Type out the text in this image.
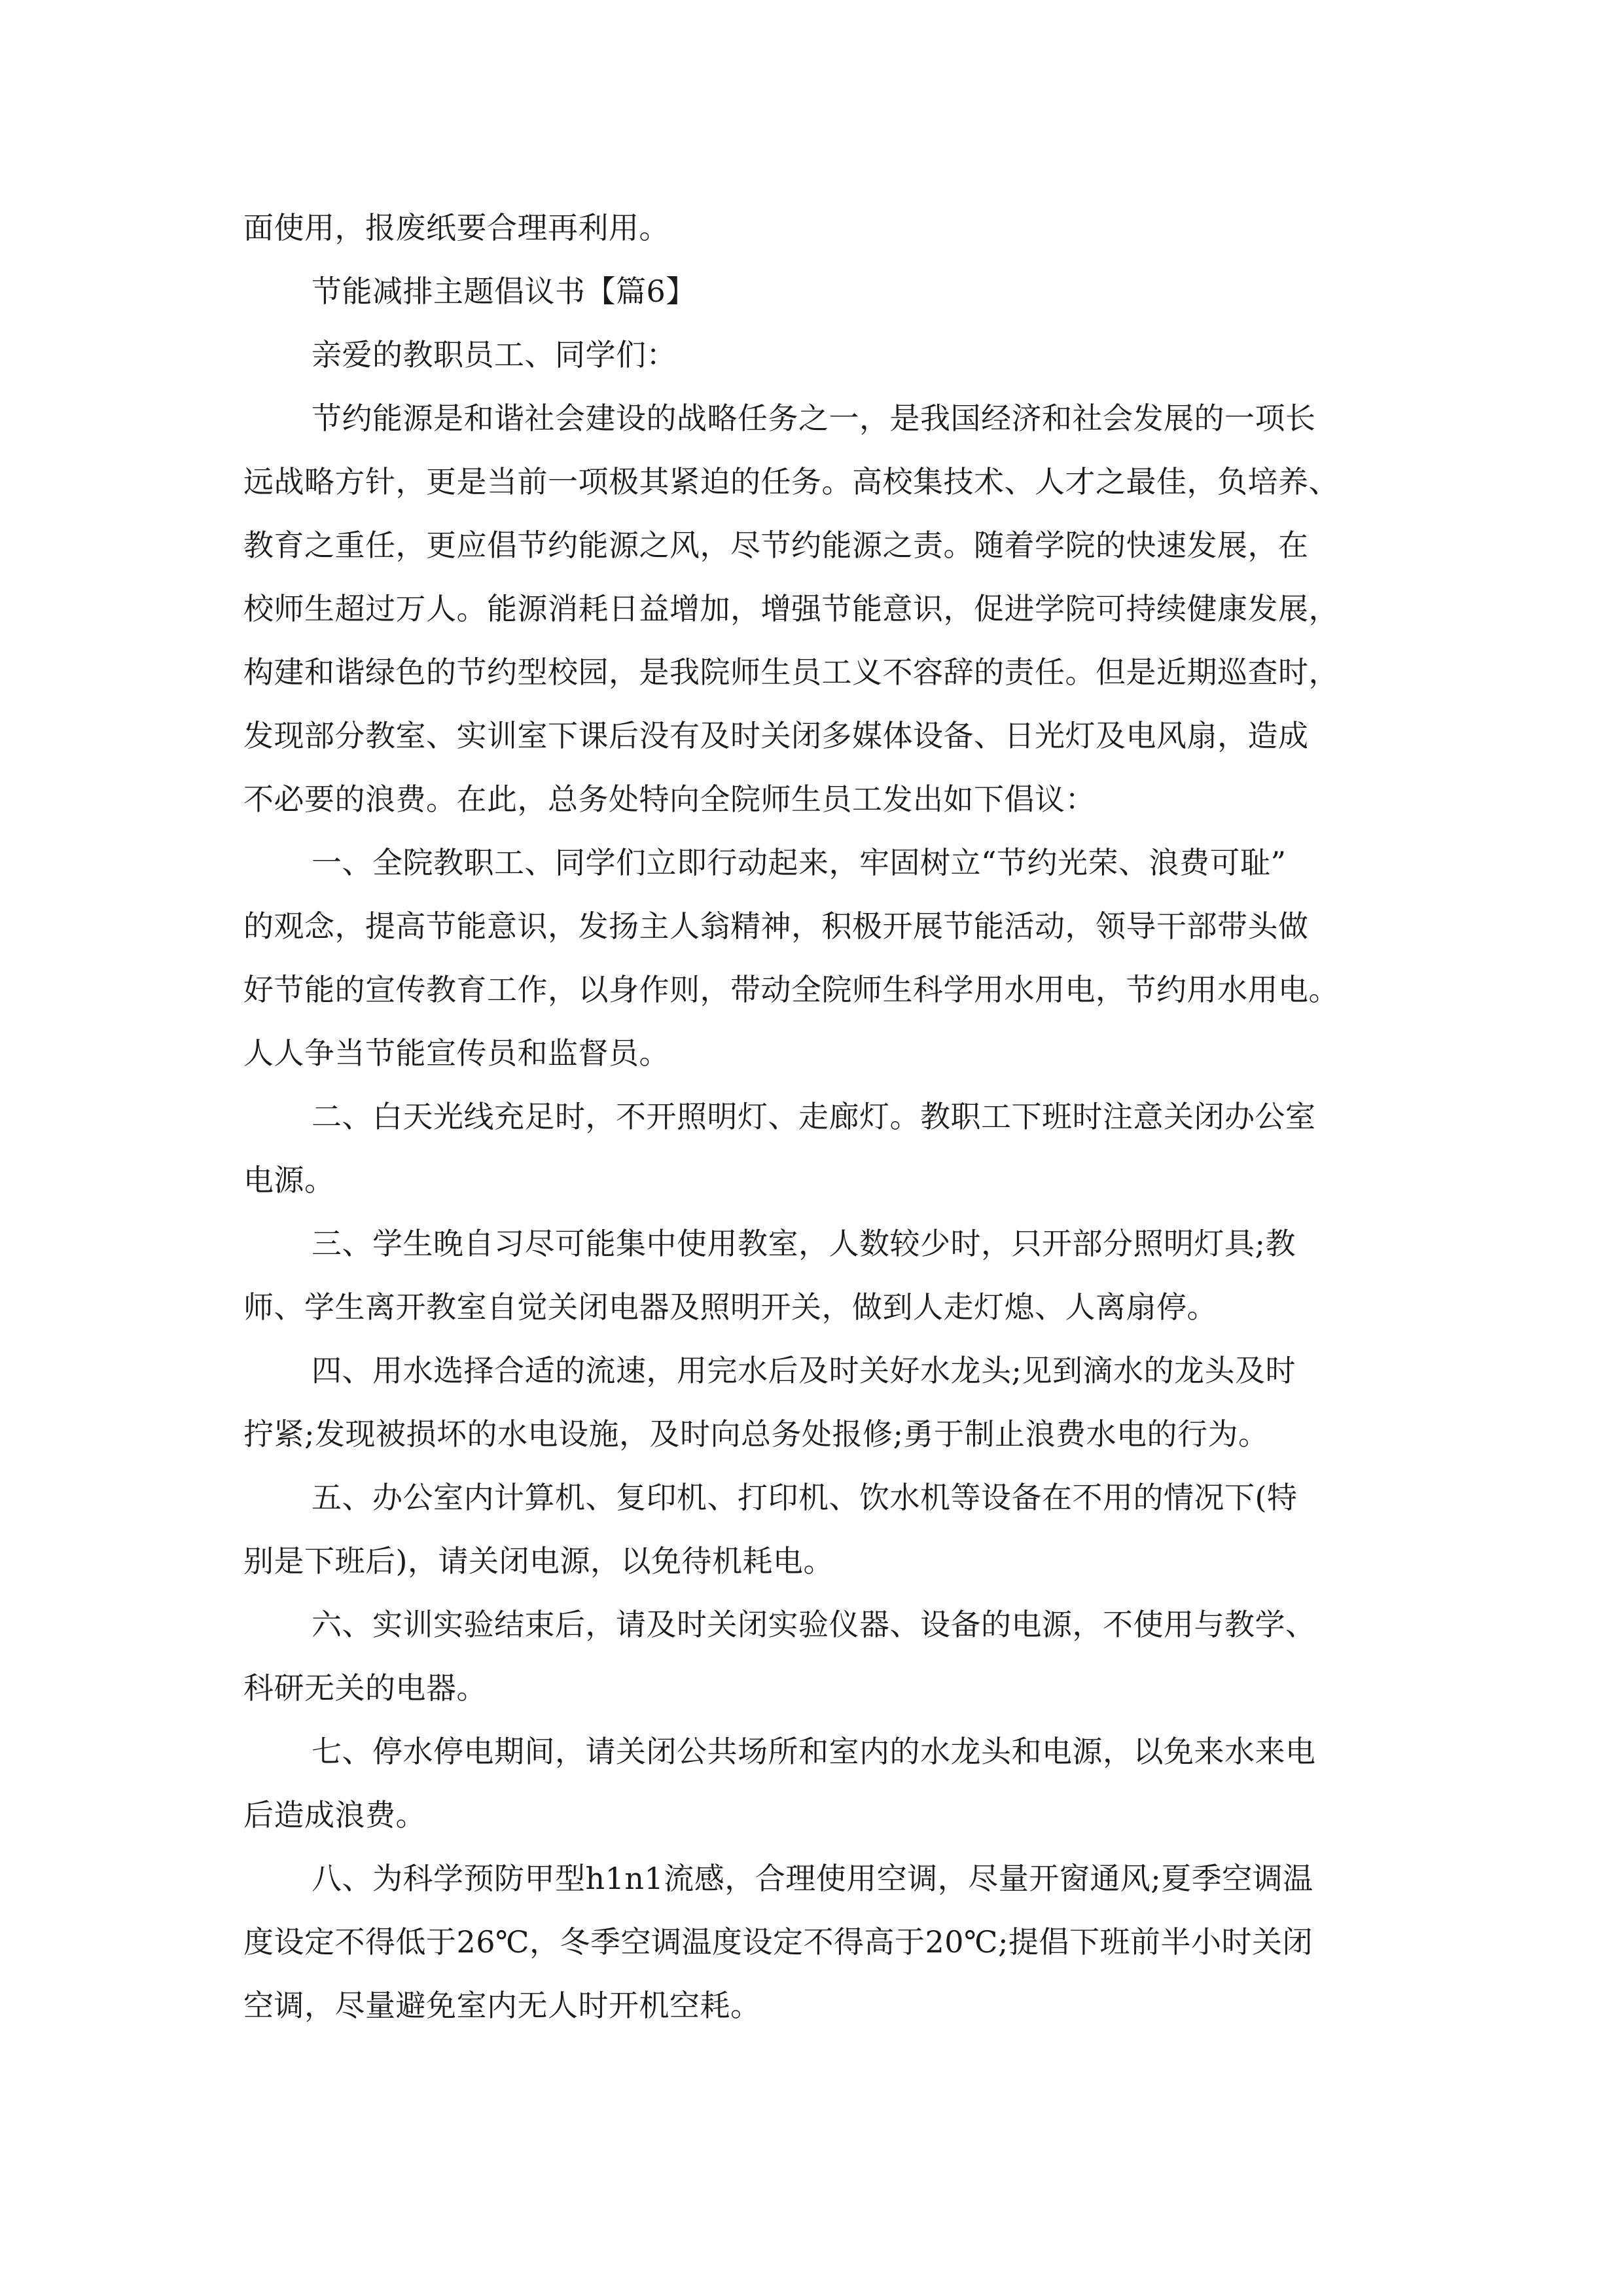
面使用，报废纸要合理再利用。
节能减排主题倡议书【篇6】
亲爱的教职员工、同学们：
节约能源是和谐社会建设的战略任务之一，是我国经济和社会发展的一项长
远战略方针，更是当前一项极其紧迫的任务。高校集技术、人才之最佳，负培养、
教育之重任，更应倡节约能源之风，尽节约能源之责。随着学院的快速发展，在
校师生超过万人。能源消耗日益增加，增强节能意识，促进学院可持续健康发展，
构建和谐绿色的节约型校园，是我院师生员工义不容辞的责任。但是近期巡查时，
发现部分教室、实训室下课后没有及时关闭多媒体设备、日光灯及电风扇，造成
不必要的浪费。在此，总务处特向全院师生员工发出如下倡议：
一、全院教职工、同学们立即行动起来，牢固树立“节约光荣、浪费可耻”
的观念，提高节能意识，发扬主人翁精神，积极开展节能活动，领导干部带头做
好节能的宣传教育工作，以身作则，带动全院师生科学用水用电，节约用水用电。
人人争当节能宣传员和监督员。
二、白天光线充足时，不开照明灯、走廊灯。教职工下班时注意关闭办公室
电源。
三、学生晚自习尽可能集中使用教室，人数较少时，只开部分照明灯具;教
师、学生离开教室自觉关闭电器及照明开关，做到人走灯熄、人离扇停。
四、用水选择合适的流速，用完水后及时关好水龙头;见到滴水的龙头及时
拧紧;发现被损坏的水电设施，及时向总务处报修;勇于制止浪费水电的行为。
五、办公室内计算机、复印机、打印机、饮水机等设备在不用的情况下(特
别是下班后)，请关闭电源，以免待机耗电。
六、实训实验结束后，请及时关闭实验仪器、设备的电源，不使用与教学、
科研无关的电器。
七、停水停电期间，请关闭公共场所和室内的水龙头和电源，以免来水来电
后造成浪费。
八、为科学预防甲型h1n1流感，合理使用空调，尽量开窗通风;夏季空调温
度设定不得低于26℃，冬季空调温度设定不得高于20℃;提倡下班前半小时关闭
空调，尽量避免室内无人时开机空耗。
